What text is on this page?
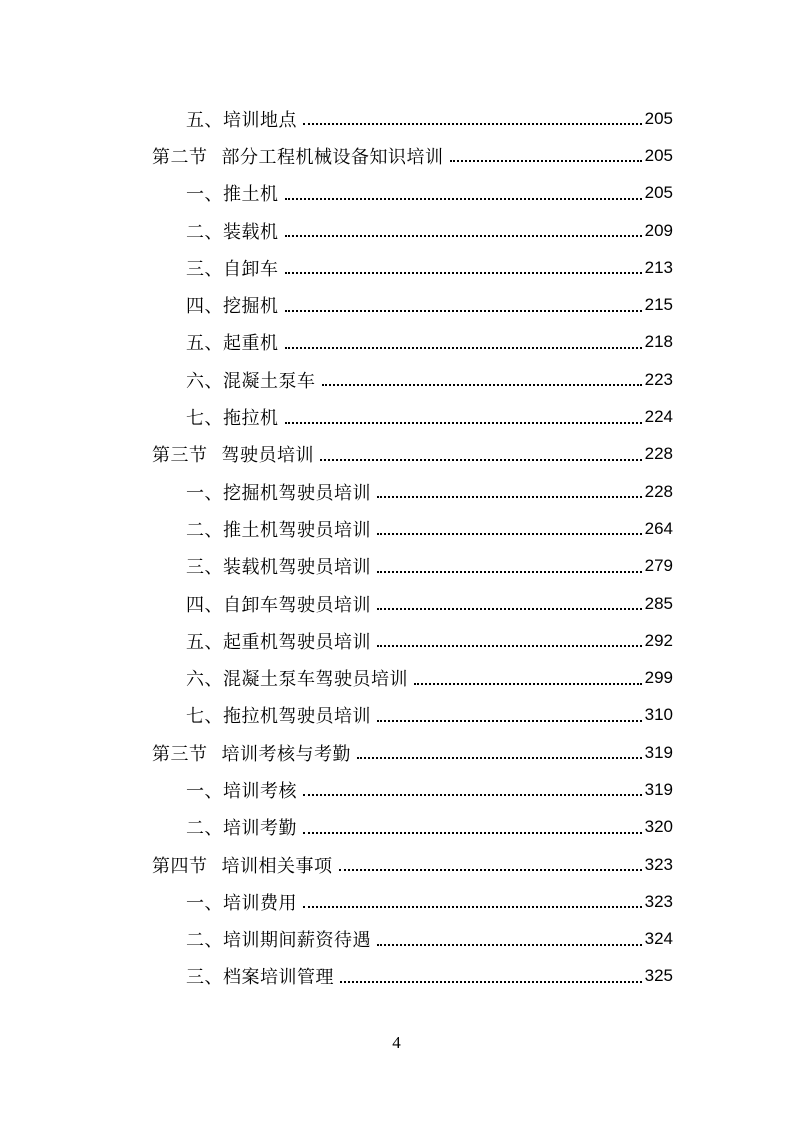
五、 培训地点	205
第二节 部分工程机械设备知识培训	205
一、 推土机	205
二、 装载机	209
三、 自卸车	213
四、 挖掘机	215
五、 起重机	218
六、 混凝土泵车	223
七、 拖拉机	224
第三节 驾驶员培训	228
一、 挖掘机驾驶员培训	228
二、 推土机驾驶员培训	264
三、 装载机驾驶员培训	279
四、 自卸车驾驶员培训	285
五、 起重机驾驶员培训	292
六、 混凝土泵车驾驶员培训	299
七、 拖拉机驾驶员培训	310
第三节 培训考核与考勤	319
一、 培训考核	319
二、 培训考勤	320
第四节 培训相关事项	323
一、 培训费用	323
二、 培训期间薪资待遇	324
三、 档案培训管理	325
4
